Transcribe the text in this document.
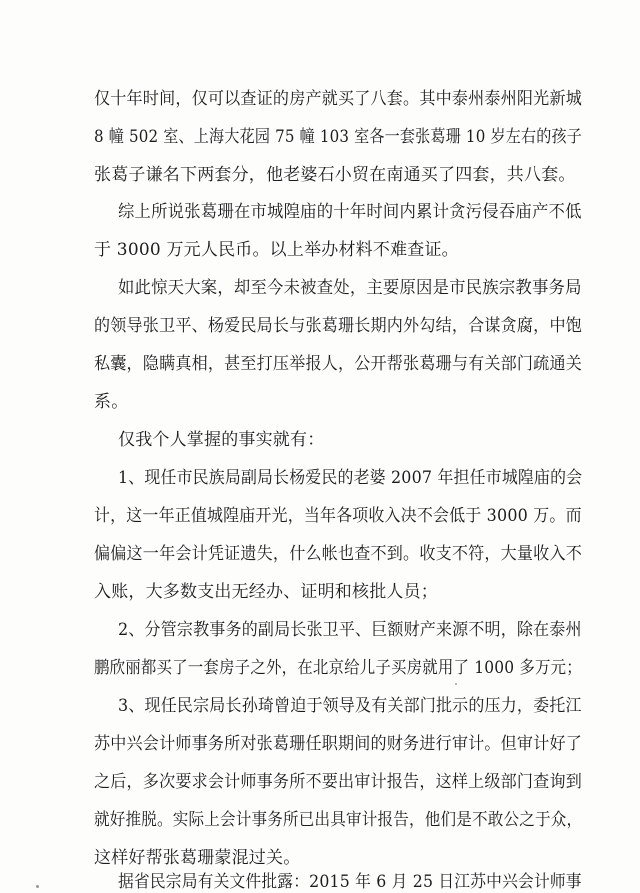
仅十年时间，仅可以查证的房产就买了八套。其中泰州泰州阳光新城
8 幢 502 室、上海大花园 75 幢 103 室各一套张葛珊 10 岁左右的孩子
张葛子谦名下两套分，他老婆石小贸在南通买了四套，共八套。
综上所说张葛珊在市城隍庙的十年时间内累计贪污侵吞庙产不低
于 3000 万元人民币。以上举办材料不难查证。
如此惊天大案，却至今未被查处，主要原因是市民族宗教事务局
的领导张卫平、杨爱民局长与张葛珊长期内外勾结，合谋贪腐，中饱
私囊，隐瞒真相，甚至打压举报人，公开帮张葛珊与有关部门疏通关
系。
仅我个人掌握的事实就有：
1、现任市民族局副局长杨爱民的老婆 2007 年担任市城隍庙的会
计，这一年正值城隍庙开光，当年各项收入决不会低于 3000 万。而
偏偏这一年会计凭证遗失，什么帐也查不到。收支不符，大量收入不
入账，大多数支出无经办、证明和核批人员；
2、分管宗教事务的副局长张卫平、巨额财产来源不明，除在泰州
鹏欣丽都买了一套房子之外，在北京给儿子买房就用了 1000 多万元；
3、现任民宗局长孙琦曾迫于领导及有关部门批示的压力，委托江
苏中兴会计师事务所对张葛珊任职期间的财务进行审计。但审计好了
之后，多次要求会计师事务所不要出审计报告，这样上级部门查询到
就好推脱。实际上会计事务所已出具审计报告，他们是不敢公之于众，
这样好帮张葛珊蒙混过关。
据省民宗局有关文件批露：2015 年 6 月 25 日江苏中兴会计师事
